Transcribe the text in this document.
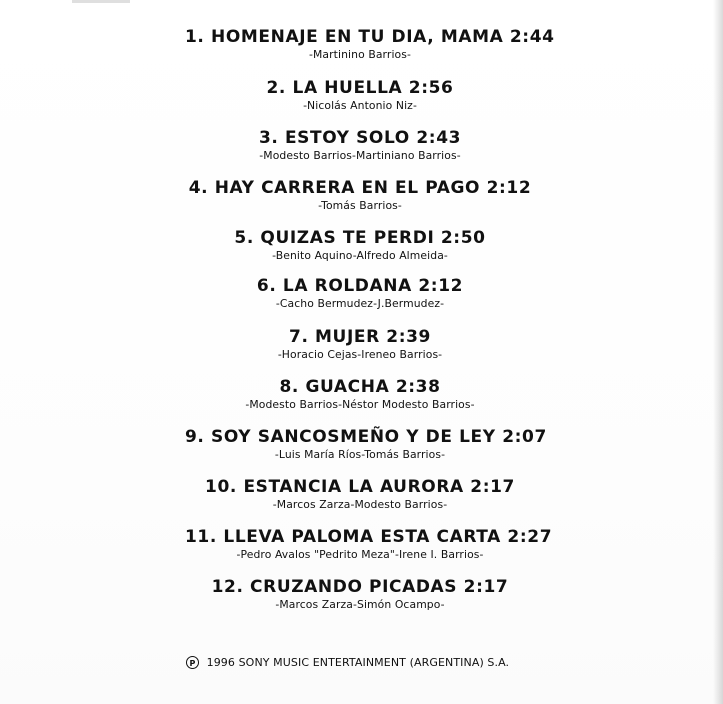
1. HOMENAJE EN TU DIA, MAMA 2:44
-Martinino Barrios-
2. LA HUELLA 2:56
-Nicolás Antonio Niz-
3. ESTOY SOLO 2:43
-Modesto Barrios-Martiniano Barrios-
4. HAY CARRERA EN EL PAGO 2:12
-Tomás Barrios-
5. QUIZAS TE PERDI 2:50
-Benito Aquino-Alfredo Almeida-
6. LA ROLDANA 2:12
-Cacho Bermudez-J.Bermudez-
7. MUJER 2:39
-Horacio Cejas-Ireneo Barrios-
8. GUACHA 2:38
-Modesto Barrios-Néstor Modesto Barrios-
9. SOY SANCOSMEÑO Y DE LEY 2:07
-Luis María Ríos-Tomás Barrios-
10. ESTANCIA LA AURORA 2:17
-Marcos Zarza-Modesto Barrios-
11. LLEVA PALOMA ESTA CARTA 2:27
-Pedro Avalos "Pedrito Meza"-Irene I. Barrios-
12. CRUZANDO PICADAS 2:17
-Marcos Zarza-Simón Ocampo-
P 1996 SONY MUSIC ENTERTAINMENT (ARGENTINA) S.A.
